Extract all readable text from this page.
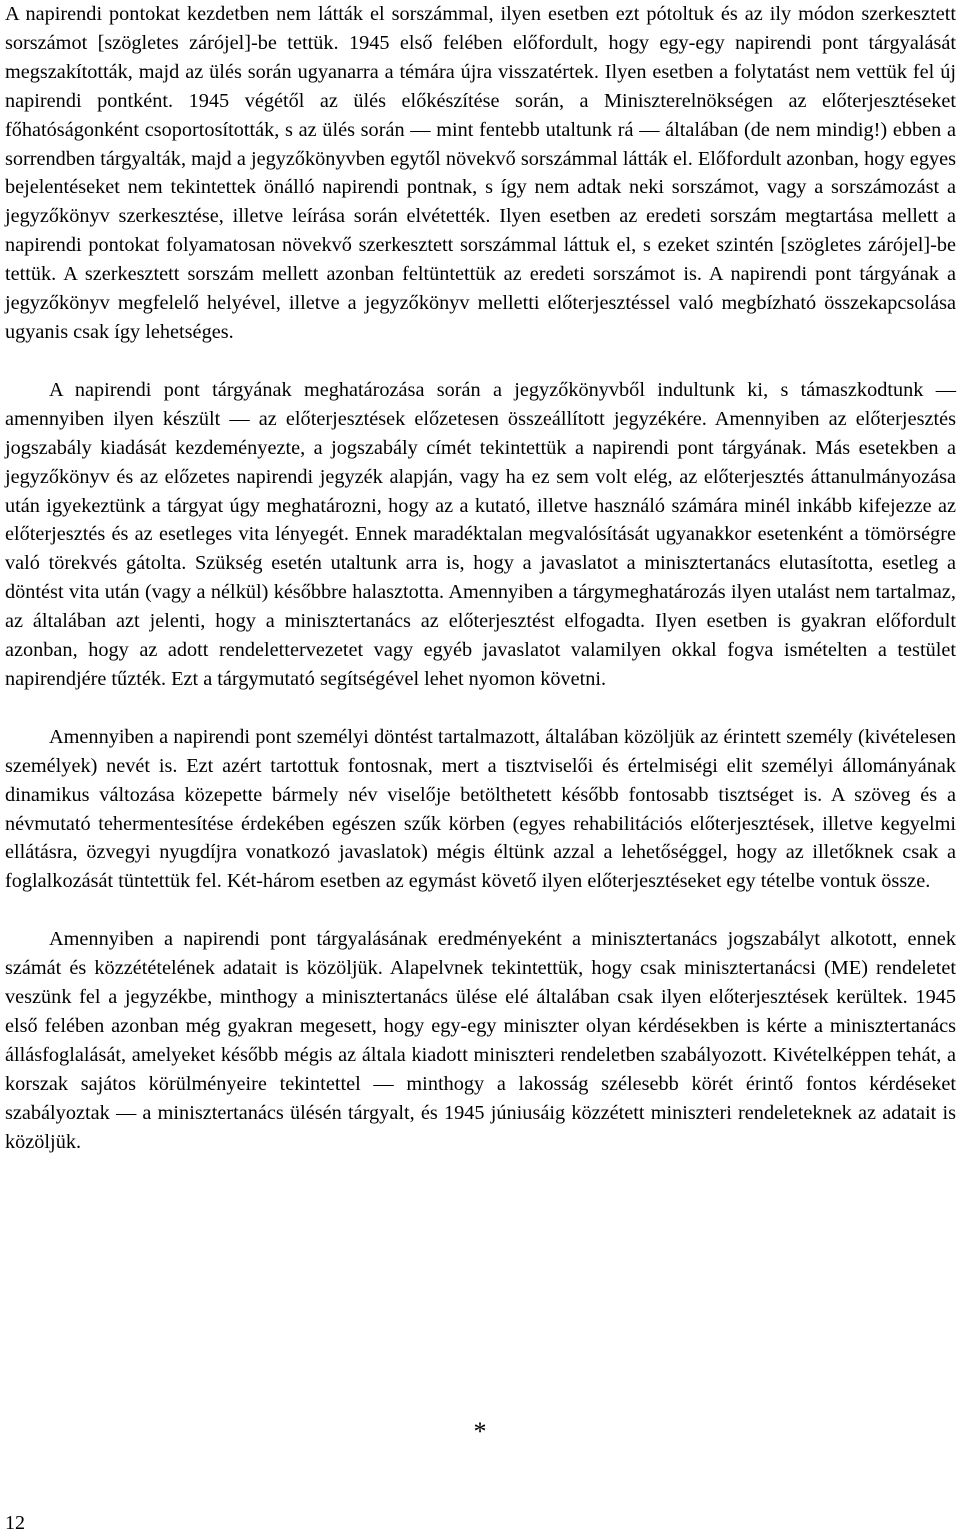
A napirendi pontokat kezdetben nem látták el sorszámmal, ilyen esetben ezt pótoltuk és az ily módon szerkesztett sorszámot [szögletes zárójel]-be tettük. 1945 első felében előfordult, hogy egy-egy napirendi pont tárgyalását megszakították, majd az ülés során ugyanarra a témára újra visszatértek. Ilyen esetben a folytatást nem vettük fel új napirendi pontként. 1945 végétől az ülés előkészítése során, a Miniszterelnökségen az előterjesztéseket főhatóságonként csoportosították, s az ülés során — mint fentebb utaltunk rá — általában (de nem mindig!) ebben a sorrendben tárgyalták, majd a jegyzőkönyvben egytől növekvő sorszámmal látták el. Előfordult azonban, hogy egyes bejelentéseket nem tekintettek önálló napirendi pontnak, s így nem adtak neki sorszámot, vagy a sorszámozást a jegyzőkönyv szerkesztése, illetve leírása során elvétették. Ilyen esetben az eredeti sorszám megtartása mellett a napirendi pontokat folyamatosan növekvő szerkesztett sorszámmal láttuk el, s ezeket szintén [szögletes zárójel]-be tettük. A szerkesztett sorszám mellett azonban feltüntettük az eredeti sorszámot is. A napirendi pont tárgyának a jegyzőkönyv megfelelő helyével, illetve a jegyzőkönyv melletti előterjesztéssel való megbízható összekapcsolása ugyanis csak így lehetséges.

A napirendi pont tárgyának meghatározása során a jegyzőkönyvből indultunk ki, s támaszkodtunk — amennyiben ilyen készült — az előterjesztések előzetesen összeállított jegyzékére. Amennyiben az előterjesztés jogszabály kiadását kezdeményezte, a jogszabály címét tekintettük a napirendi pont tárgyának. Más esetekben a jegyzőkönyv és az előzetes napirendi jegyzék alapján, vagy ha ez sem volt elég, az előterjesztés áttanulmányozása után igyekeztünk a tárgyat úgy meghatározni, hogy az a kutató, illetve használó számára minél inkább kifejezze az előterjesztés és az esetleges vita lényegét. Ennek maradéktalan megvalósítását ugyanakkor esetenként a tömörségre való törekvés gátolta. Szükség esetén utaltunk arra is, hogy a javaslatot a minisztertanács elutasította, esetleg a döntést vita után (vagy a nélkül) későbbre halasztotta. Amennyiben a tárgymeghatározás ilyen utalást nem tartalmaz, az általában azt jelenti, hogy a minisztertanács az előterjesztést elfogadta. Ilyen esetben is gyakran előfordult azonban, hogy az adott rendelettervezetet vagy egyéb javaslatot valamilyen okkal fogva ismételten a testület napirendjére tűzték. Ezt a tárgymutató segítségével lehet nyomon követni.

Amennyiben a napirendi pont személyi döntést tartalmazott, általában közöljük az érintett személy (kivételesen személyek) nevét is. Ezt azért tartottuk fontosnak, mert a tisztviselői és értelmiségi elit személyi állományának dinamikus változása közepette bármely név viselője betölthetett később fontosabb tisztséget is. A szöveg és a névmutató tehermentesítése érdekében egészen szűk körben (egyes rehabilitációs előterjesztések, illetve kegyelmi ellátásra, özvegyi nyugdíjra vonatkozó javaslatok) mégis éltünk azzal a lehetőséggel, hogy az illetőknek csak a foglalkozását tüntettük fel. Két-három esetben az egymást követő ilyen előterjesztéseket egy tételbe vontuk össze.

Amennyiben a napirendi pont tárgyalásának eredményeként a minisztertanács jogszabályt alkotott, ennek számát és közzétételének adatait is közöljük. Alapelvnek tekintettük, hogy csak minisztertanácsi (ME) rendeletet veszünk fel a jegyzékbe, minthogy a minisztertanács ülése elé általában csak ilyen előterjesztések kerültek. 1945 első felében azonban még gyakran megesett, hogy egy-egy miniszter olyan kérdésekben is kérte a minisztertanács állásfoglalását, amelyeket később mégis az általa kiadott miniszteri rendeletben szabályozott. Kivételképpen tehát, a korszak sajátos körülményeire tekintettel — minthogy a lakosság szélesebb körét érintő fontos kérdéseket szabályoztak — a minisztertanács ülésén tárgyalt, és 1945 júniusáig közzétett miniszteri rendeleteknek az adatait is közöljük.

*
12
